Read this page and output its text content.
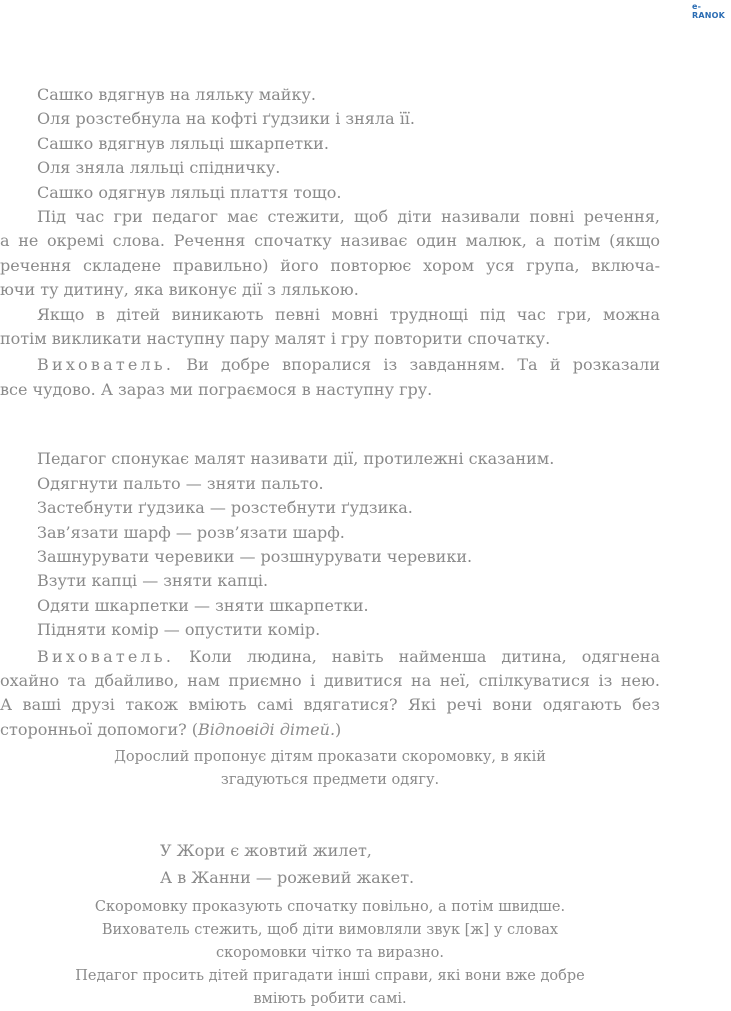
e-RANOK
Сашко вдягнув на ляльку майку.
Оля розстебнула на кофті ґудзики і зняла її.
Сашко вдягнув ляльці шкарпетки.
Оля зняла ляльці спідничку.
Сашко одягнув ляльці плаття тощо.
Під час гри педагог має стежити, щоб діти називали повні речення,
а не окремі слова. Речення спочатку називає один малюк, а потім (якщо
речення складене правильно) його повторює хором уся група, включа-
ючи ту дитину, яка виконує дії з лялькою.
Якщо в дітей виникають певні мовні труднощі під час гри, можна
потім викликати наступну пару малят і гру повторити спочатку.
Вихователь. Ви добре впоралися із завданням. Та й розказали
все чудово. А зараз ми пограємося в наступну гру.
Педагог спонукає малят називати дії, протилежні сказаним.
Одягнути пальто — зняти пальто.
Застебнути ґудзика — розстебнути ґудзика.
Зав’язати шарф — розв’язати шарф.
Зашнурувати черевики — розшнурувати черевики.
Взути капці — зняти капці.
Одяти шкарпетки — зняти шкарпетки.
Підняти комір — опустити комір.
Вихователь. Коли людина, навіть найменша дитина, одягнена
охайно та дбайливо, нам приємно і дивитися на неї, спілкуватися із нею.
А ваші друзі також вміють самі вдягатися? Які речі вони одягають без
сторонньої допомоги? (Відповіді дітей.)
Дорослий пропонує дітям проказати скоромовку, в якій
згадуються предмети одягу.
У Жори є жовтий жилет,
А в Жанни — рожевий жакет.
Скоромовку проказують спочатку повільно, а потім швидше.
Вихователь стежить, щоб діти вимовляли звук [ж] у словах
скоромовки чітко та виразно.
Педагог просить дітей пригадати інші справи, які вони вже добре
вміють робити самі.
